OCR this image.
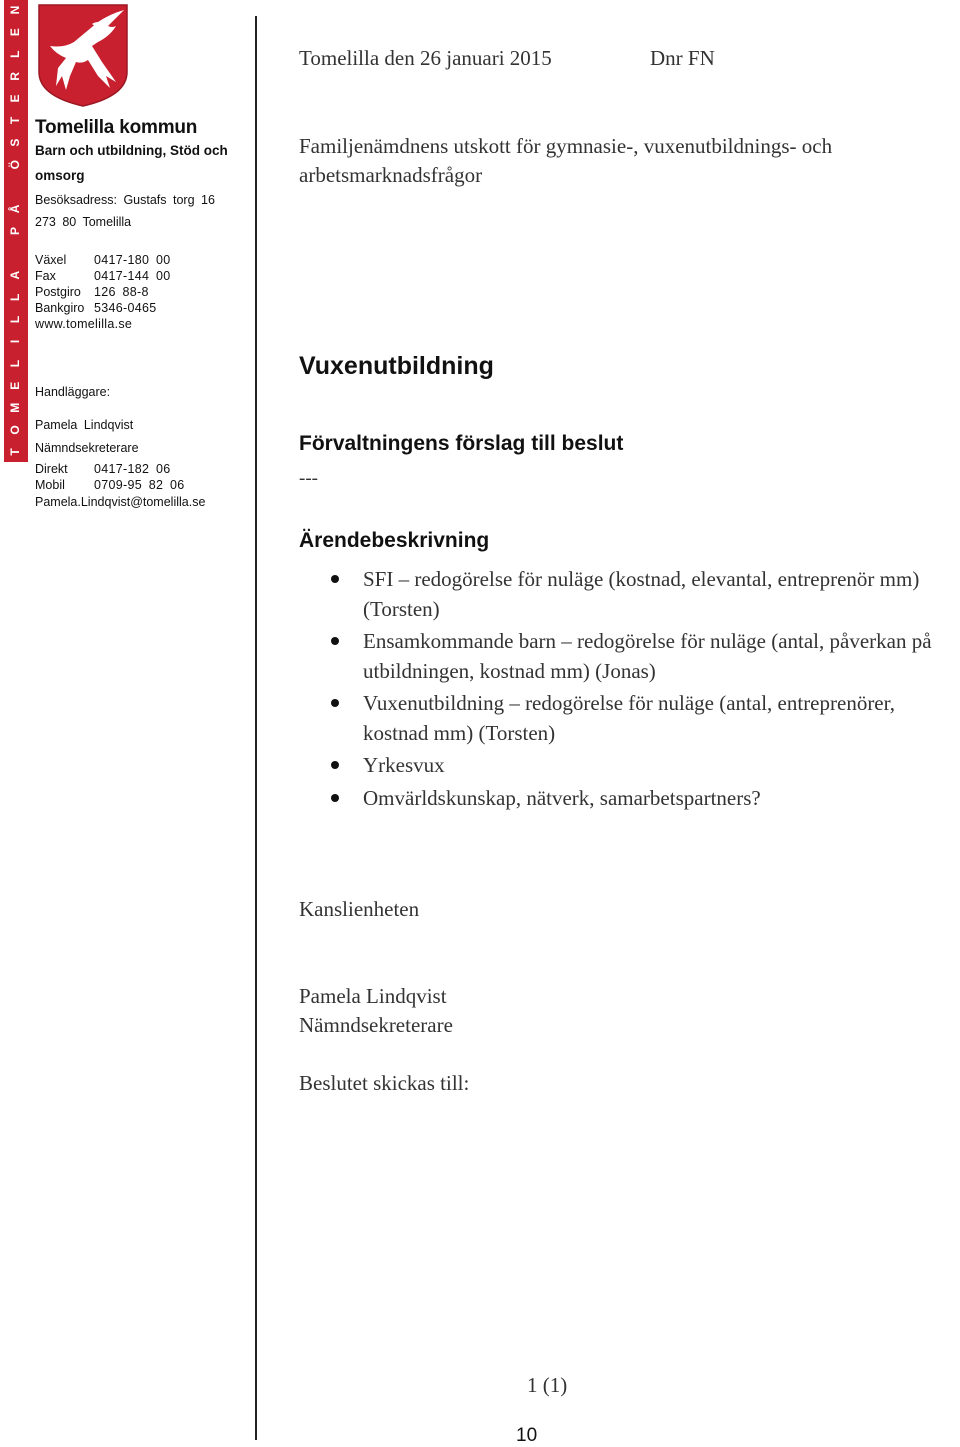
T
O
M
E
L
I
L
L
A
P
Å
Ö
S
T
E
R
L
E
N
Tomelilla kommun
Barn och utbildning, Stöd och
omsorg
Besöksadress: Gustafs torg 16
273 80 Tomelilla
Växel 0417-180 00
Fax	0417-144 00
Postgiro 126 88-8
Bankgiro 5346-0465
www.tomelilla.se
Handläggare:
Pamela Lindqvist
Nämndsekreterare
Direkt 0417-182 06
Mobil 0709-95 82 06
Pamela.Lindqvist@tomelilla.se
Tomelilla den 26 januari 2015	Dnr FN
Familjenämdnens utskott för gymnasie-, vuxenutbildnings- och arbetsmarknadsfrågor
Vuxenutbildning
Förvaltningens förslag till beslut
---
Ärendebeskrivning
SFI – redogörelse för nuläge (kostnad, elevantal, entreprenör mm) (Torsten)
Ensamkommande barn – redogörelse för nuläge (antal, påverkan på utbildningen, kostnad mm) (Jonas)
Vuxenutbildning – redogörelse för nuläge (antal, entreprenörer, kostnad mm) (Torsten)
Yrkesvux
Omvärldskunskap, nätverk, samarbetspartners?
Kanslienheten
Pamela Lindqvist
Nämndsekreterare
Beslutet skickas till:
1 (1)
10
